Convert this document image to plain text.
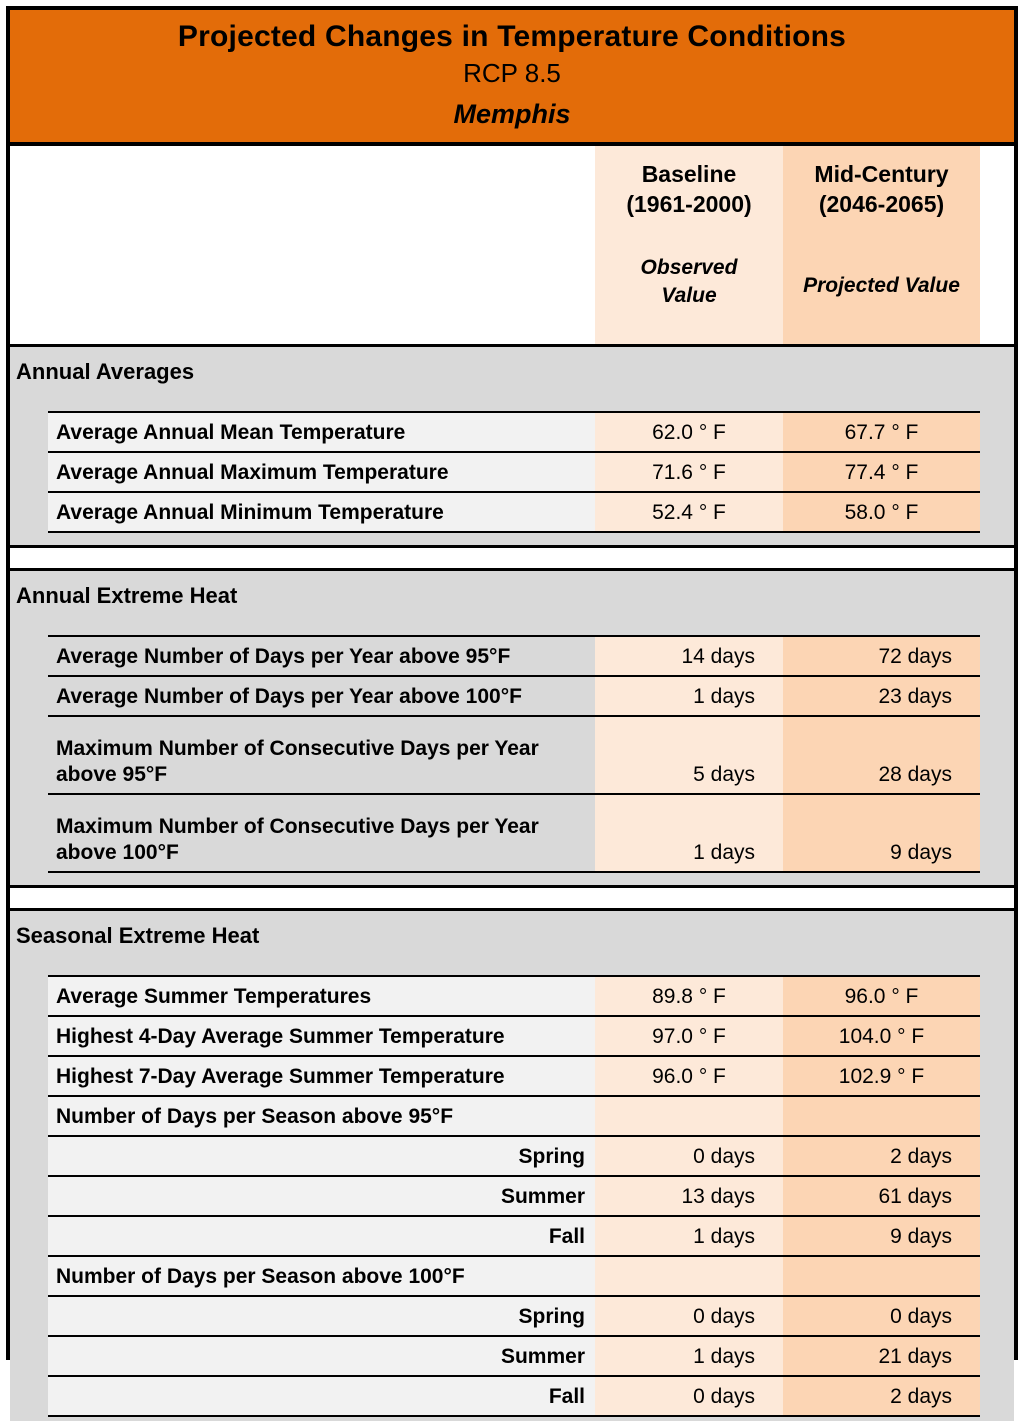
Projected Changes in Temperature Conditions
RCP 8.5
Memphis
Baseline
(1961-2000)
Observed Value
Mid-Century
(2046-2065)
Projected Value
Annual Averages
Average Annual Mean Temperature	62.0 ° F	67.7 ° F
Average Annual Maximum Temperature	71.6 ° F	77.4 ° F
Average Annual Minimum Temperature	52.4 ° F	58.0 ° F
Annual Extreme Heat
Average Number of Days per Year above 95°F	14 days	72 days
Average Number of Days per Year above 100°F	1 days	23 days
Maximum Number of Consecutive Days per Year above 95°F	5 days	28 days
Maximum Number of Consecutive Days per Year above 100°F	1 days	9 days
Seasonal Extreme Heat
Average Summer Temperatures	89.8 ° F	96.0 ° F
Highest 4-Day Average Summer Temperature	97.0 ° F	104.0 ° F
Highest 7-Day Average Summer Temperature	96.0 ° F	102.9 ° F
Number of Days per Season above 95°F
Spring	0 days	2 days
Summer	13 days	61 days
Fall	1 days	9 days
Number of Days per Season above 100°F
Spring	0 days	0 days
Summer	1 days	21 days
Fall	0 days	2 days
